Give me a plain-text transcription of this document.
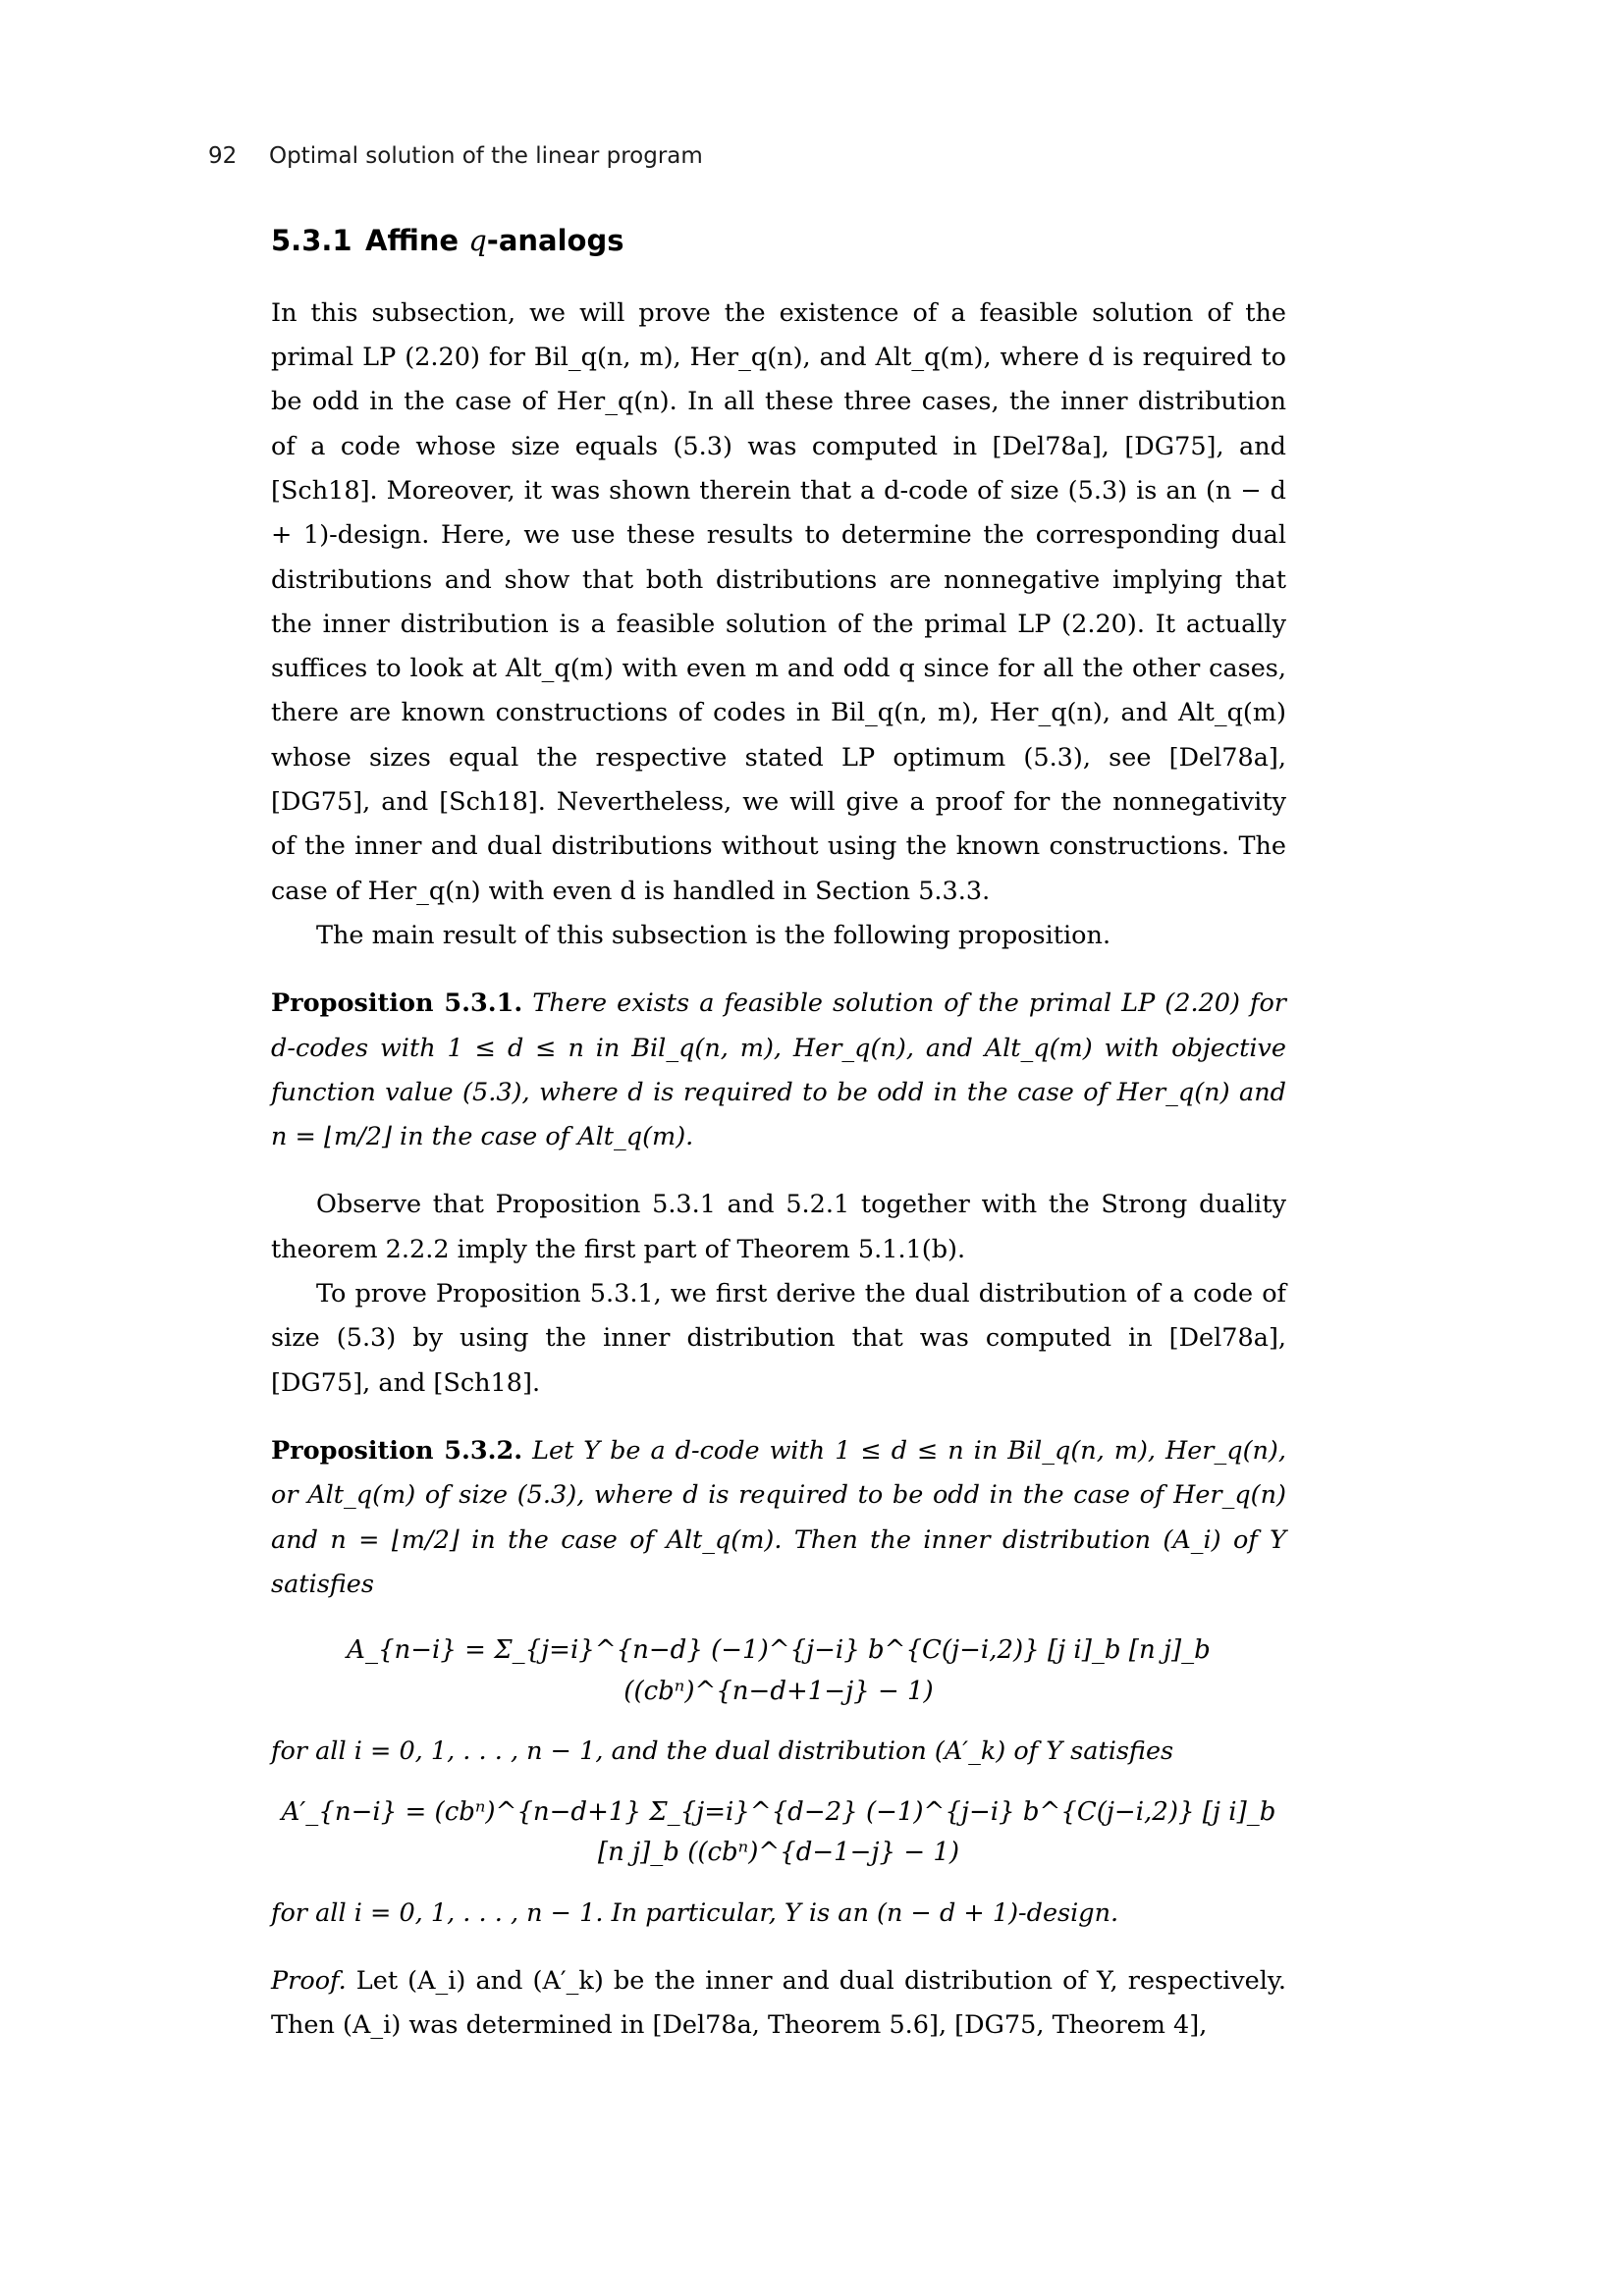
92 Optimal solution of the linear program
5.3.1 Affine q-analogs

In this subsection, we will prove the existence of a feasible solution of the primal LP (2.20) for Bil_q(n, m), Her_q(n), and Alt_q(m), where d is required to be odd in the case of Her_q(n). In all these three cases, the inner distribution of a code whose size equals (5.3) was computed in [Del78a], [DG75], and [Sch18]. Moreover, it was shown therein that a d-code of size (5.3) is an (n − d + 1)-design. Here, we use these results to determine the corresponding dual distributions and show that both distributions are nonnegative implying that the inner distribution is a feasible solution of the primal LP (2.20). It actually suffices to look at Alt_q(m) with even m and odd q since for all the other cases, there are known constructions of codes in Bil_q(n, m), Her_q(n), and Alt_q(m) whose sizes equal the respective stated LP optimum (5.3), see [Del78a], [DG75], and [Sch18]. Nevertheless, we will give a proof for the nonnegativity of the inner and dual distributions without using the known constructions. The case of Her_q(n) with even d is handled in Section 5.3.3.

The main result of this subsection is the following proposition.

Proposition 5.3.1. There exists a feasible solution of the primal LP (2.20) for d-codes with 1 ≤ d ≤ n in Bil_q(n, m), Her_q(n), and Alt_q(m) with objective function value (5.3), where d is required to be odd in the case of Her_q(n) and n = ⌊m/2⌋ in the case of Alt_q(m).

Observe that Proposition 5.3.1 and 5.2.1 together with the Strong duality theorem 2.2.2 imply the first part of Theorem 5.1.1(b).

To prove Proposition 5.3.1, we first derive the dual distribution of a code of size (5.3) by using the inner distribution that was computed in [Del78a], [DG75], and [Sch18].

Proposition 5.3.2. Let Y be a d-code with 1 ≤ d ≤ n in Bil_q(n, m), Her_q(n), or Alt_q(m) of size (5.3), where d is required to be odd in the case of Her_q(n) and n = ⌊m/2⌋ in the case of Alt_q(m). Then the inner distribution (A_i) of Y satisfies

A_{n−i} = Σ_{j=i}^{n−d} (−1)^{j−i} b^{C(j−i,2)} [j i]_b [n j]_b ((cbⁿ)^{n−d+1−j} − 1)

for all i = 0, 1, . . . , n − 1, and the dual distribution (A′_k) of Y satisfies

A′_{n−i} = (cbⁿ)^{n−d+1} Σ_{j=i}^{d−2} (−1)^{j−i} b^{C(j−i,2)} [j i]_b [n j]_b ((cbⁿ)^{d−1−j} − 1)

for all i = 0, 1, . . . , n − 1. In particular, Y is an (n − d + 1)-design.

Proof. Let (A_i) and (A′_k) be the inner and dual distribution of Y, respectively. Then (A_i) was determined in [Del78a, Theorem 5.6], [DG75, Theorem 4],
